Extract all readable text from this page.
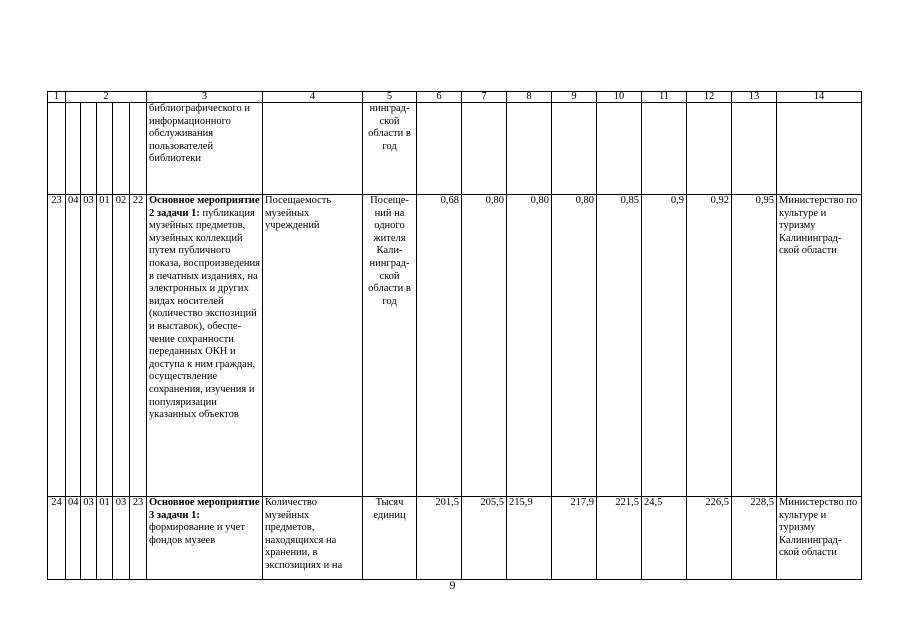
1	2					3	4	5	6	7	8	9	10	11	12	13	14
						библиографического и информационного обслуживания пользователей библиотеки		нинград-ской области в год									
23	04	03	01	02	22	Основное мероприятие 2 задачи 1: публикация музейных предметов, музейных коллекций путем публичного показа, воспроизведения в печатных изданиях, на электронных и других видах носителей (количество экспозиций и выставок), обеспе-чение сохранности переданных ОКН и доступа к ним граждан, осуществление сохранения, изучения и популяризации указанных объектов	Посещаемость музейных учреждений	Посеще-ний на одного жителя Кали-нинград-ской области в год	0,68	0,80	0,80	0,80	0,85	0,9	0,92	0,95	Министерство по культуре и туризму Калининград-ской области
24	04	03	01	03	23	Основное мероприятие 3 задачи 1: формирование и учет фондов музеев	Количество музейных предметов, находящихся на хранении, в экспозициях и на	Тысяч единиц	201,5	205,5	215,9	217,9	221,5	24,5	226,5	228,5	Министерство по культуре и туризму Калининград-ской области
9
